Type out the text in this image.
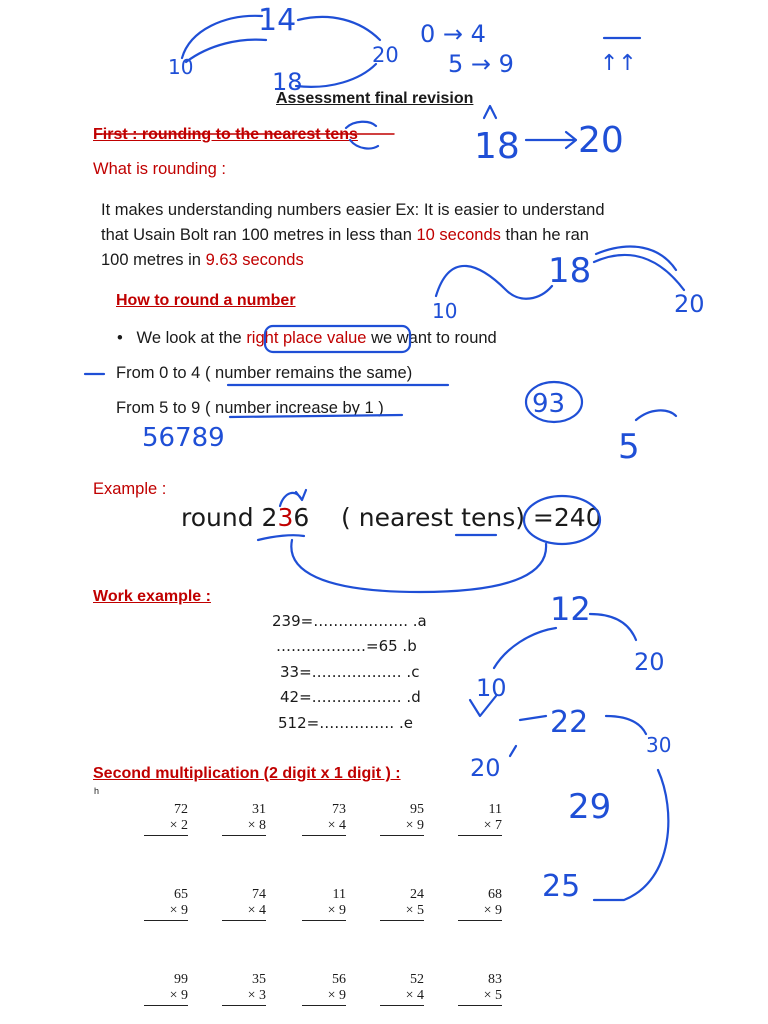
Assessment final revision
First : rounding to the nearest tens
What is rounding :
It makes understanding numbers easier Ex: It is easier to understand
that Usain Bolt ran 100 metres in less than 10 seconds than he ran
100 metres in 9.63 seconds
How to round a number
• We look at the right place value we want to round
From 0 to 4 ( number remains the same)
From 5 to 9 ( number increase by 1 )
Example :
round 236 ( nearest tens) =240
Work example :
239=………………. .a
………………=65 .b
33=……………… .c
42=……………… .d
512=…………… .e
Second multiplication (2 digit x 1 digit ) :
h
72
× 2
31
× 8
73
× 4
95
× 9
11
× 7
65
× 9
74
× 4
11
× 9
24
× 5
68
× 9
99
× 9
35
× 3
56
× 9
52
× 4
83
× 5
14
10
18
20
0 → 4
5 → 9	↑↑
18 20
18
10	20
56789
93
5
12
10
20
22
20
30
29
25
